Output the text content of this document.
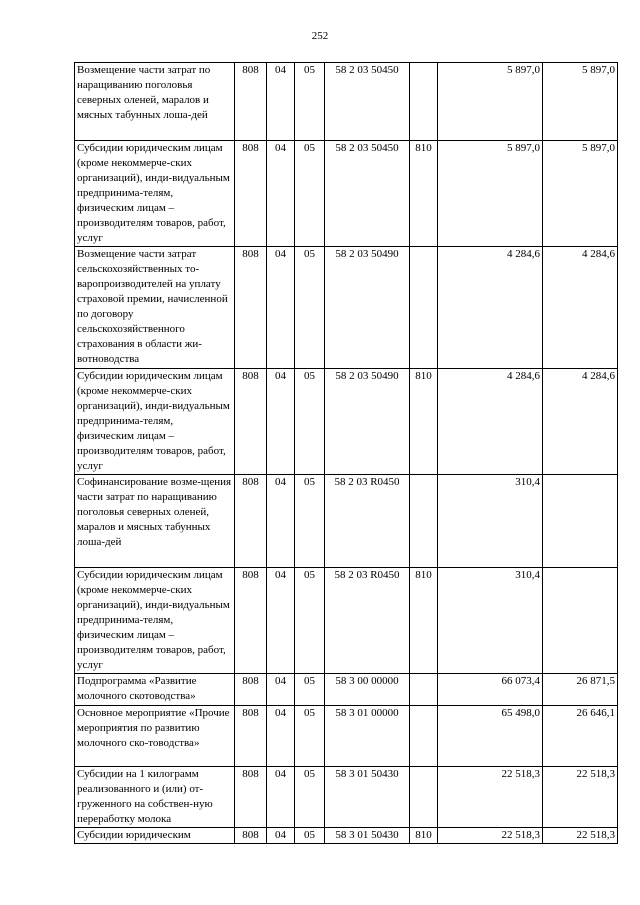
252
Возмещение части затрат по наращиванию поголовья северных оленей, маралов и мясных табунных лоша-дей	808	04	05	58 2 03 50450		5 897,0	5 897,0
Субсидии юридическим лицам (кроме некоммерче-ских организаций), инди-видуальным предпринима-телям, физическим лицам – производителям товаров, работ, услуг	808	04	05	58 2 03 50450	810	5 897,0	5 897,0
Возмещение части затрат сельскохозяйственных то-варопроизводителей на уплату страховой премии, начисленной по договору сельскохозяйственного страхования в области жи-вотноводства	808	04	05	58 2 03 50490		4 284,6	4 284,6
Субсидии юридическим лицам (кроме некоммерче-ских организаций), инди-видуальным предпринима-телям, физическим лицам – производителям товаров, работ, услуг	808	04	05	58 2 03 50490	810	4 284,6	4 284,6
Софинансирование возме-щения части затрат по наращиванию поголовья северных оленей, маралов и мясных табунных лоша-дей	808	04	05	58 2 03 R0450		310,4	
Субсидии юридическим лицам (кроме некоммерче-ских организаций), инди-видуальным предпринима-телям, физическим лицам – производителям товаров, работ, услуг	808	04	05	58 2 03 R0450	810	310,4	
Подпрограмма «Развитие молочного скотоводства»	808	04	05	58 3 00 00000		66 073,4	26 871,5
Основное мероприятие «Прочие мероприятия по развитию молочного ско-товодства»	808	04	05	58 3 01 00000		65 498,0	26 646,1
Субсидии на 1 килограмм реализованного и (или) от-груженного на собствен-ную переработку молока	808	04	05	58 3 01 50430		22 518,3	22 518,3
Субсидии юридическим	808	04	05	58 3 01 50430	810	22 518,3	22 518,3
